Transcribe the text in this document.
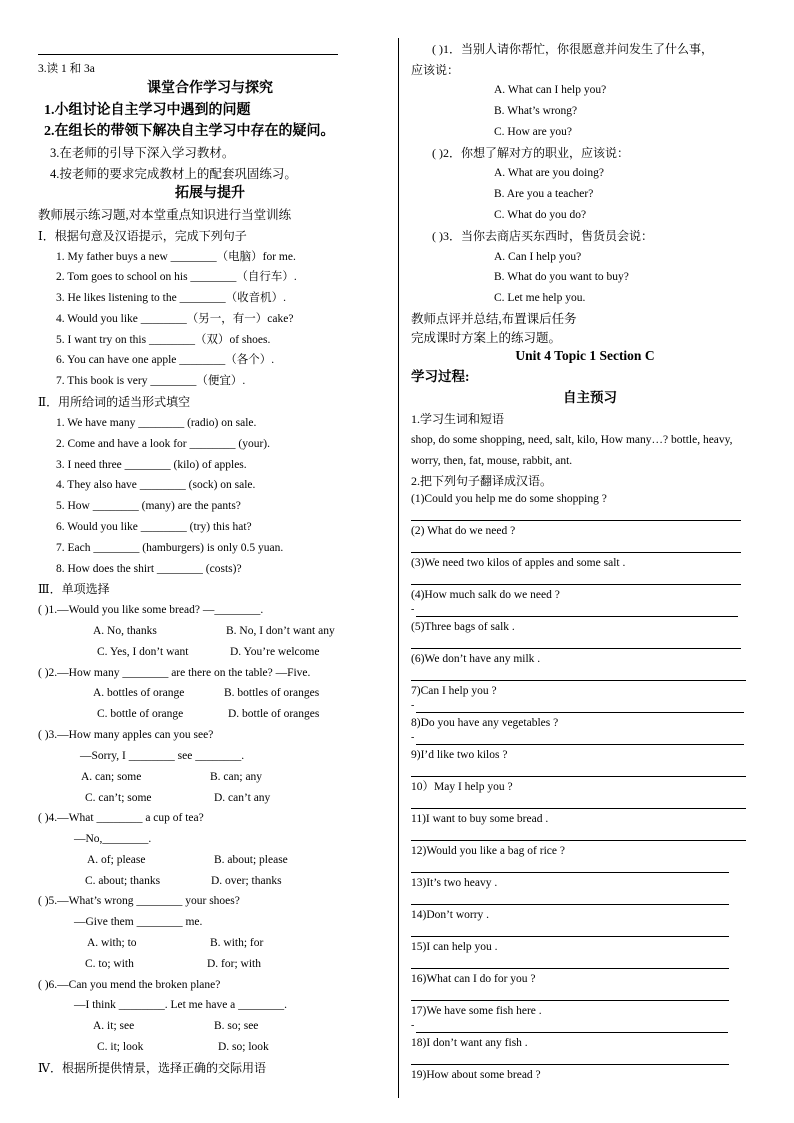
3.读 1 和 3a
课堂合作学习与探究
1.小组讨论自主学习中遇到的问题
2.在组长的带领下解决自主学习中存在的疑问。
3.在老师的引导下深入学习教材。
4.按老师的要求完成教材上的配套巩固练习。
拓展与提升
教师展示练习题,对本堂重点知识进行当堂训练
Ⅰ．根据句意及汉语提示，完成下列句子
1. My father buys a new ________（电脑）for me.
2. Tom goes to school on his ________（自行车）.
3. He likes listening to the ________（收音机）.
4. Would you like ________（另一，有一）cake?
5. I want try on this ________（双）of shoes.
6. You can have one apple ________（各个）.
7. This book is very ________（便宜）.
Ⅱ．用所给词的适当形式填空
1. We have many ________ (radio) on sale.
2. Come and have a look for ________ (your).
3. I need three ________ (kilo) of apples.
4. They also have ________ (sock) on sale.
5. How ________ (many) are the pants?
6. Would you like ________ (try) this hat?
7. Each ________ (hamburgers) is only 0.5 yuan.
8. How does the shirt ________ (costs)?
Ⅲ．单项选择
( )1.—Would you like some bread? —________.
A. No, thanks	B. No, I don’t want any
C. Yes, I don’t want	D. You’re welcome
( )2.—How many ________ are there on the table? —Five.
A. bottles of orange	B. bottles of oranges
C. bottle of orange	D. bottle of oranges
( )3.—How many apples can you see?
—Sorry, I ________ see ________.
A. can; some	B. can; any
C. can’t; some	D. can’t any
( )4.—What ________ a cup of tea?
—No,________.
A. of; please	B. about; please
C. about; thanks	D. over; thanks
( )5.—What’s wrong ________ your shoes?
—Give them ________ me.
A. with; to	B. with; for
C. to; with	D. for; with
( )6.—Can you mend the broken plane?
—I think ________. Let me have a ________.
A. it; see	B. so; see
C. it; look	D. so; look
Ⅳ．根据所提供情景，选择正确的交际用语
( )1．当别人请你帮忙，你很愿意并问发生了什么事，
应该说：
A. What can I help you?
B. What’s wrong?
C. How are you?
( )2．你想了解对方的职业，应该说：
A. What are you doing?
B. Are you a teacher?
C. What do you do?
( )3．当你去商店买东西时，售货员会说：
A. Can I help you?
B. What do you want to buy?
C. Let me help you.
教师点评并总结,布置课后任务
完成课时方案上的练习题。
Unit 4 Topic 1 Section C
学习过程:
自主预习
1.学习生词和短语
shop, do some shopping, need, salt, kilo, How many…? bottle, heavy,
worry, then, fat, mouse, rabbit, ant.
2.把下列句子翻译成汉语。
(1)Could you help me do some shopping ?
(2) What do we need ?
(3)We need two kilos of apples and some salt .
(4)How much salk do we need ?
-
(5)Three bags of salk .
(6)We don’t have any milk .
7)Can I help you ?
-
8)Do you have any vegetables ?
-
9)I’d like two kilos ?
10）May I help you ?
11)I want to buy some bread .
12)Would you like a bag of rice ?
13)It’s two heavy .
14)Don’t worry .
15)I can help you .
16)What can I do for you ?
17)We have some fish here .
-
18)I don’t want any fish .
19)How about some bread ?
